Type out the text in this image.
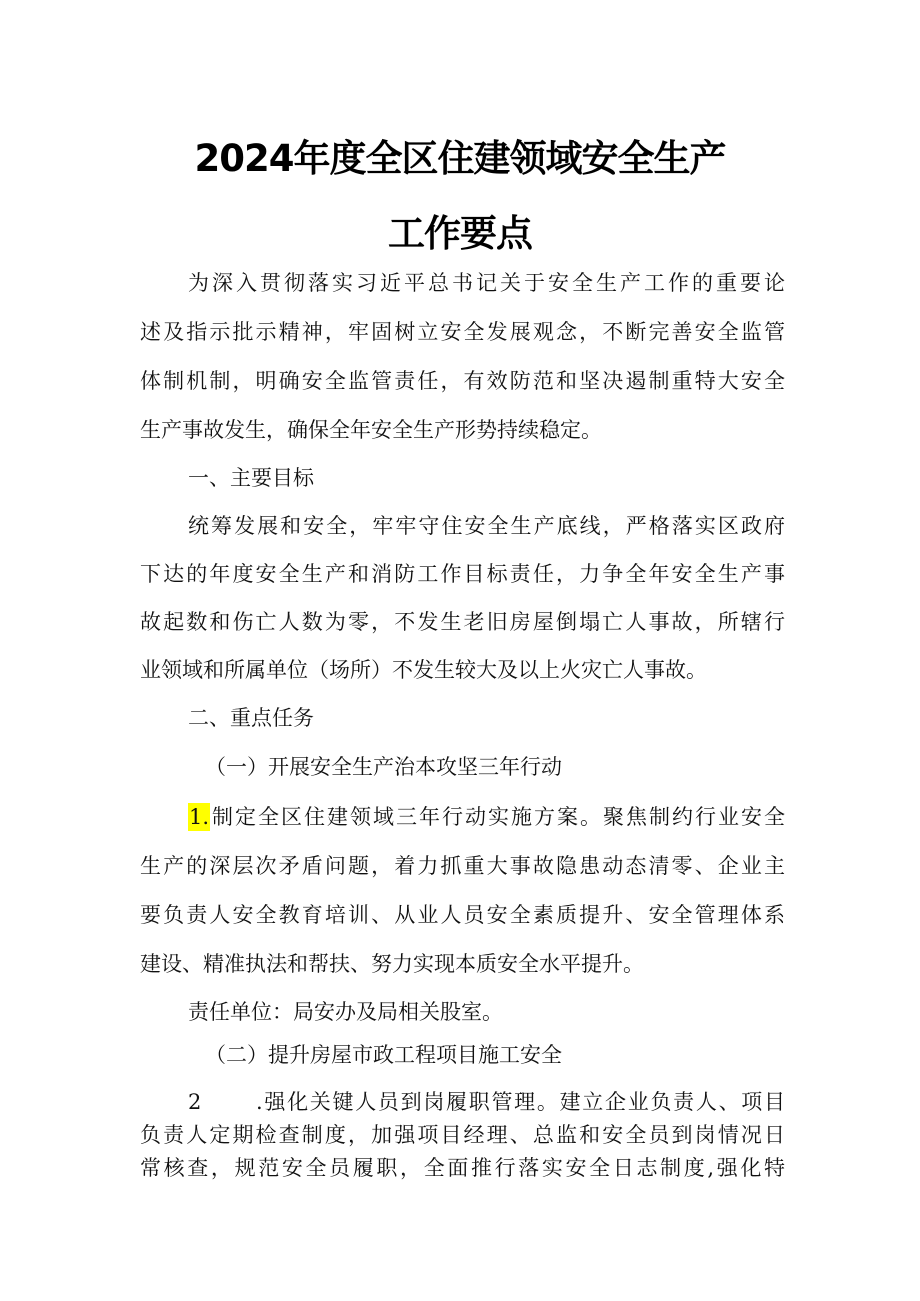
2024年度全区住建领域安全生产
工作要点
为深入贯彻落实习近平总书记关于安全生产工作的重要论
述及指示批示精神，牢固树立安全发展观念，不断完善安全监管
体制机制，明确安全监管责任，有效防范和坚决遏制重特大安全
生产事故发生，确保全年安全生产形势持续稳定。
一、主要目标
统筹发展和安全，牢牢守住安全生产底线，严格落实区政府
下达的年度安全生产和消防工作目标责任，力争全年安全生产事
故起数和伤亡人数为零，不发生老旧房屋倒塌亡人事故，所辖行
业领域和所属单位（场所）不发生较大及以上火灾亡人事故。
二、重点任务
（一）开展安全生产治本攻坚三年行动
1.制定全区住建领域三年行动实施方案。聚焦制约行业安全
生产的深层次矛盾问题，着力抓重大事故隐患动态清零、企业主
要负责人安全教育培训、从业人员安全素质提升、安全管理体系
建设、精准执法和帮扶、努力实现本质安全水平提升。
责任单位：局安办及局相关股室。
（二）提升房屋市政工程项目施工安全
2	.强化关键人员到岗履职管理。建立企业负责人、项目
负责人定期检查制度，加强项目经理、总监和安全员到岗情况日
常核查，规范安全员履职，全面推行落实安全日志制度,强化特
